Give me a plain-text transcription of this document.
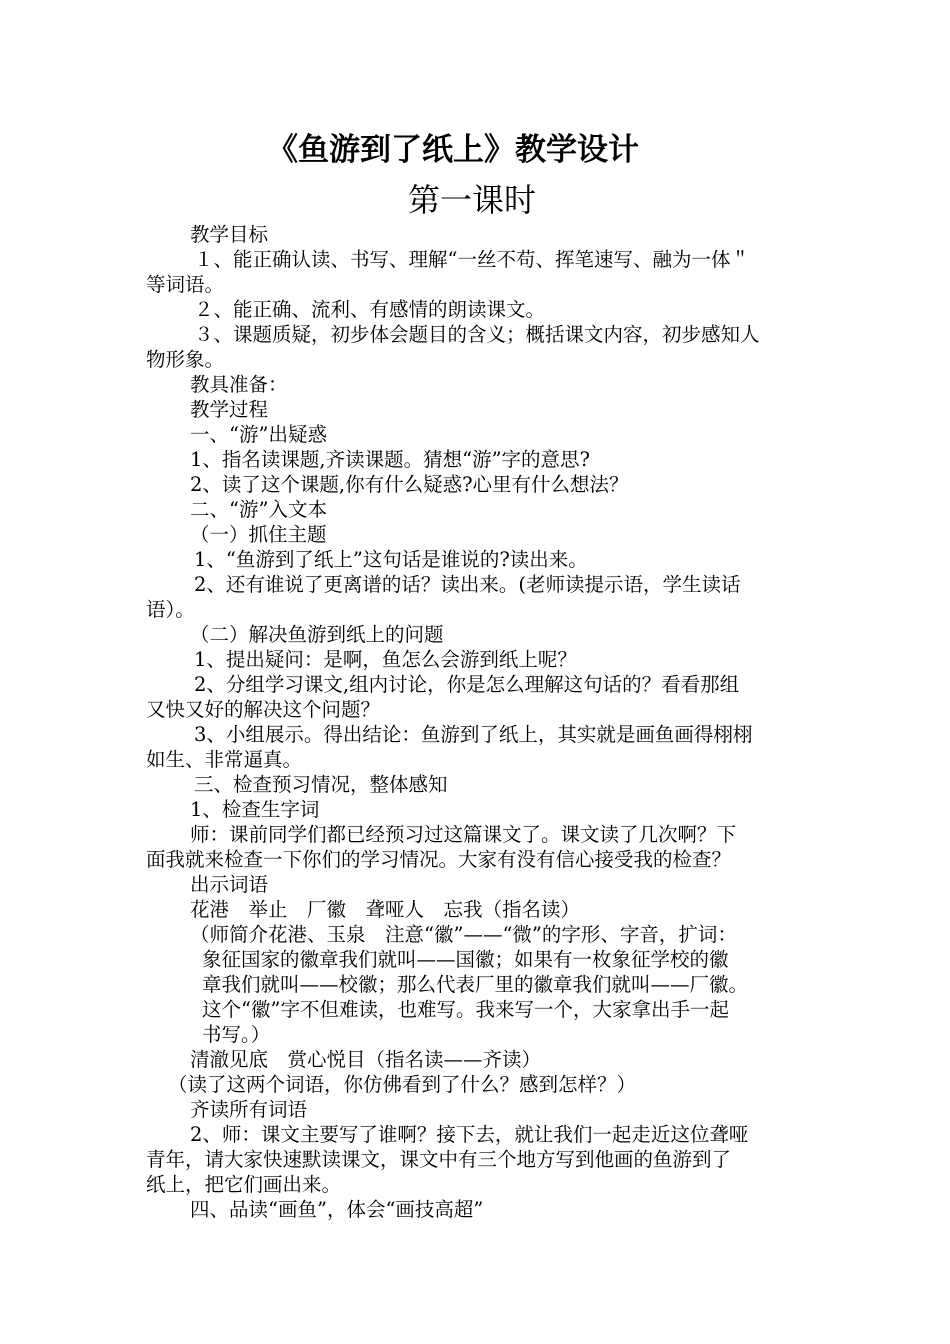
《鱼游到了纸上》教学设计
第一课时
教学目标
１、能正确认读、书写、理解“一丝不苟、挥笔速写、融为一体＂
等词语。
２、能正确、流利、有感情的朗读课文。
３、课题质疑，初步体会题目的含义；概括课文内容，初步感知人
物形象。
教具准备：
教学过程
一、“游”出疑惑
1、指名读课题,齐读课题。猜想“游”字的意思?
2、读了这个课题,你有什么疑惑?心里有什么想法？
二、“游”入文本
（一）抓住主题
1、“鱼游到了纸上”这句话是谁说的?读出来。
2、还有谁说了更离谱的话？读出来。(老师读提示语，学生读话
语）。
（二）解决鱼游到纸上的问题
1、提出疑问：是啊，鱼怎么会游到纸上呢？
2、分组学习课文,组内讨论，你是怎么理解这句话的？看看那组
又快又好的解决这个问题？
3、小组展示。得出结论：鱼游到了纸上，其实就是画鱼画得栩栩
如生、非常逼真。
三、检查预习情况，整体感知
1、检查生字词
师：课前同学们都已经预习过这篇课文了。课文读了几次啊？下
面我就来检查一下你们的学习情况。大家有没有信心接受我的检查？
出示词语
花港　举止　厂徽　聋哑人　忘我（指名读）
（师简介花港、玉泉　注意“徽”——“微”的字形、字音，扩词：
象征国家的徽章我们就叫——国徽；如果有一枚象征学校的徽
章我们就叫——校徽；那么代表厂里的徽章我们就叫——厂徽。
这个“徽”字不但难读，也难写。我来写一个，大家拿出手一起
书写。）
清澈见底　赏心悦目（指名读——齐读）
（读了这两个词语，你仿佛看到了什么？感到怎样？）
齐读所有词语
2、师：课文主要写了谁啊？接下去，就让我们一起走近这位聋哑
青年，请大家快速默读课文，课文中有三个地方写到他画的鱼游到了
纸上，把它们画出来。
四、品读“画鱼”，体会“画技高超”
